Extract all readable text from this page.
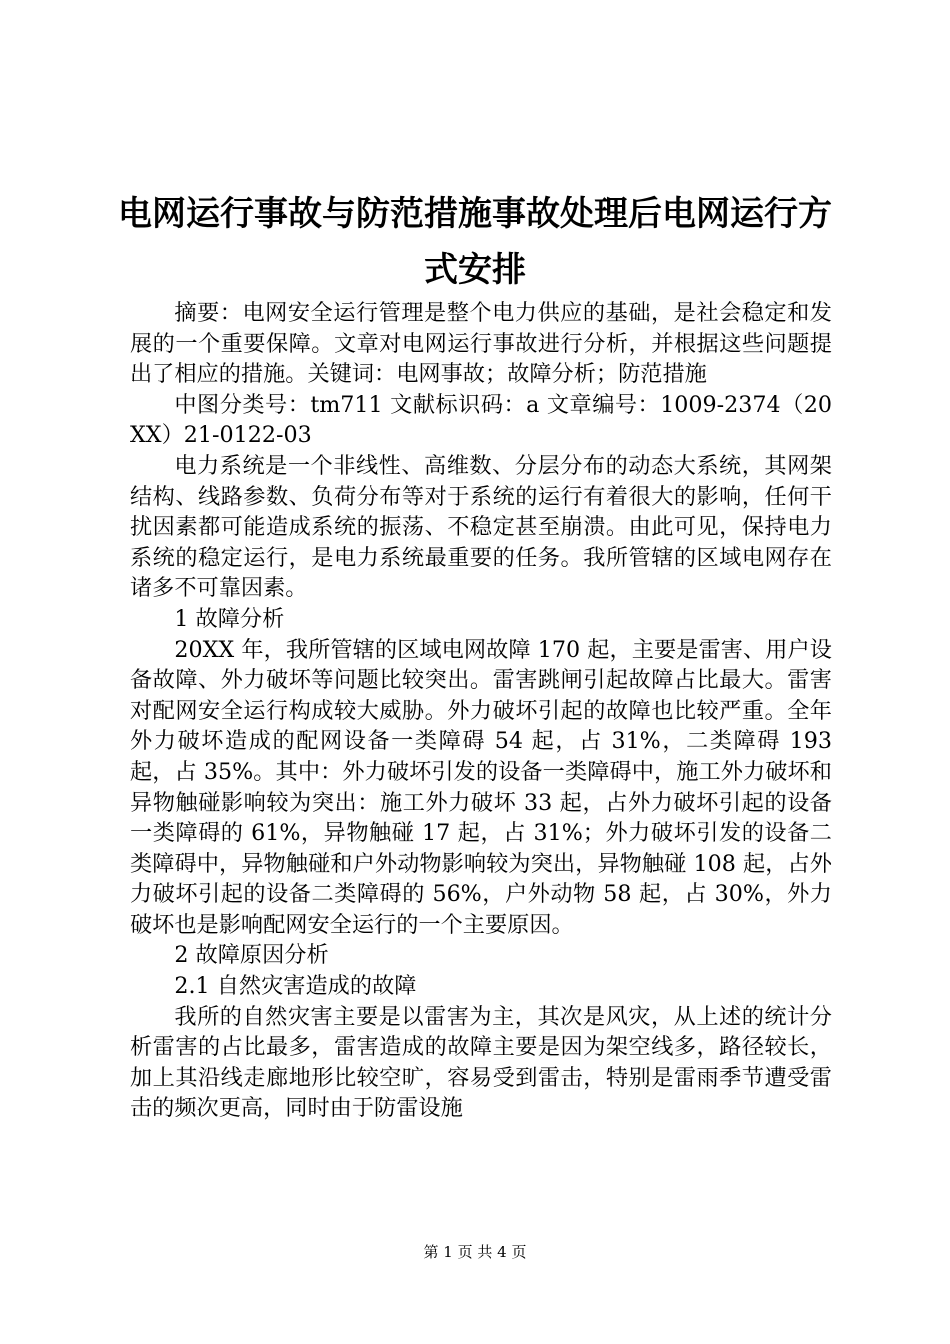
电网运行事故与防范措施事故处理后电网运行方式安排

摘要：电网安全运行管理是整个电力供应的基础，是社会稳定和发展的一个重要保障。文章对电网运行事故进行分析，并根据这些问题提出了相应的措施。关键词：电网事故；故障分析；防范措施

中图分类号：tm711 文献标识码：a 文章编号：1009-2374（20XX）21-0122-03

电力系统是一个非线性、高维数、分层分布的动态大系统，其网架结构、线路参数、负荷分布等对于系统的运行有着很大的影响，任何干扰因素都可能造成系统的振荡、不稳定甚至崩溃。由此可见，保持电力系统的稳定运行，是电力系统最重要的任务。我所管辖的区域电网存在诸多不可靠因素。

1 故障分析

20XX 年，我所管辖的区域电网故障 170 起，主要是雷害、用户设备故障、外力破坏等问题比较突出。雷害跳闸引起故障占比最大。雷害对配网安全运行构成较大威胁。外力破坏引起的故障也比较严重。全年外力破坏造成的配网设备一类障碍 54 起，占 31%，二类障碍 193 起，占 35%。其中：外力破坏引发的设备一类障碍中，施工外力破坏和异物触碰影响较为突出：施工外力破坏 33 起，占外力破坏引起的设备一类障碍的 61%，异物触碰 17 起，占 31%；外力破坏引发的设备二类障碍中，异物触碰和户外动物影响较为突出，异物触碰 108 起，占外力破坏引起的设备二类障碍的 56%，户外动物 58 起，占 30%，外力破坏也是影响配网安全运行的一个主要原因。

2 故障原因分析

2.1 自然灾害造成的故障

我所的自然灾害主要是以雷害为主，其次是风灾，从上述的统计分析雷害的占比最多，雷害造成的故障主要是因为架空线多，路径较长，加上其沿线走廊地形比较空旷，容易受到雷击，特别是雷雨季节遭受雷击的频次更高，同时由于防雷设施

第 1 页 共 4 页
